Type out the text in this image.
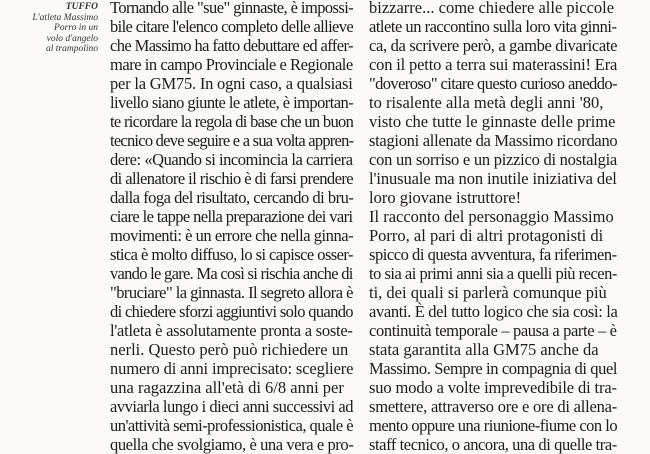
TUFFO
L'atleta Massimo
Porro in un
volo d'angelo
al trampolino
Tornando alle "sue" ginnaste, è impossi-
bile citare l'elenco completo delle allieve
che Massimo ha fatto debuttare ed affer-
mare in campo Provinciale e Regionale
per la GM75. In ogni caso, a qualsiasi
livello siano giunte le atlete, è importan-
te ricordare la regola di base che un buon
tecnico deve seguire e a sua volta appren-
dere: «Quando si incomincia la carriera
di allenatore il rischio è di farsi prendere
dalla foga del risultato, cercando di bru-
ciare le tappe nella preparazione dei vari
movimenti: è un errore che nella ginna-
stica è molto diffuso, lo si capisce osser-
vando le gare. Ma così si rischia anche di
"bruciare" la ginnasta. Il segreto allora è
di chiedere sforzi aggiuntivi solo quando
l'atleta è assolutamente pronta a soste-
nerli. Questo però può richiedere un
numero di anni imprecisato: scegliere
una ragazzina all'età di 6/8 anni per
avviarla lungo i dieci anni successivi ad
un'attività semi-professionistica, quale è
quella che svolgiamo, è una vera e pro-
bizzarre... come chiedere alle piccole
atlete un raccontino sulla loro vita ginni-
ca, da scrivere però, a gambe divaricate
con il petto a terra sui materassini! Era
"doveroso" citare questo curioso aneddo-
to risalente alla metà degli anni '80,
visto che tutte le ginnaste delle prime
stagioni allenate da Massimo ricordano
con un sorriso e un pizzico di nostalgia
l'inusuale ma non inutile iniziativa del
loro giovane istruttore!
Il racconto del personaggio Massimo
Porro, al pari di altri protagonisti di
spicco di questa avventura, fa riferimen-
to sia ai primi anni sia a quelli più recen-
ti, dei quali si parlerà comunque più
avanti. È del tutto logico che sia così: la
continuità temporale – pausa a parte – è
stata garantita alla GM75 anche da
Massimo. Sempre in compagnia di quel
suo modo a volte imprevedibile di tra-
smettere, attraverso ore e ore di allena-
mento oppure una riunione-fiume con lo
staff tecnico, o ancora, una di quelle tra-
